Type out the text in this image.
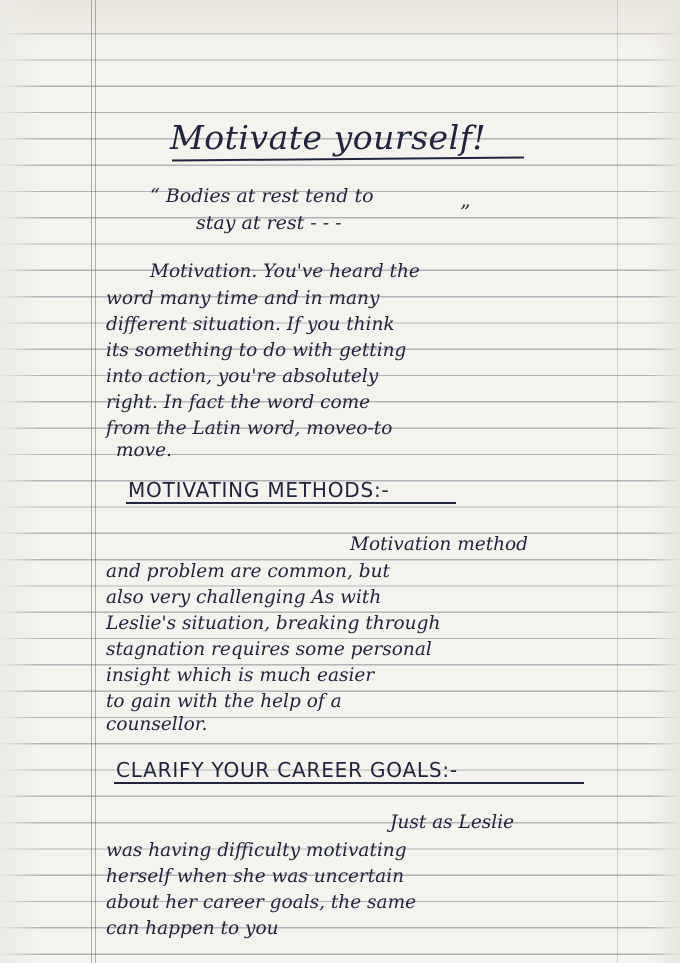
Motivate yourself!
“ Bodies at rest tend to
stay at rest - - -	”
Motivation. You've heard the
word many time and in many
different situation. If you think
its something to do with getting
into action, you're absolutely
right. In fact the word come
from the Latin word, moveo-to
move.
MOTIVATING METHODS:-
Motivation method
and problem are common, but
also very challenging As with
Leslie's situation, breaking through
stagnation requires some personal
insight which is much easier
to gain with the help of a
counsellor.
CLARIFY YOUR CAREER GOALS:-
Just as Leslie
was having difficulty motivating
herself when she was uncertain
about her career goals, the same
can happen to you
